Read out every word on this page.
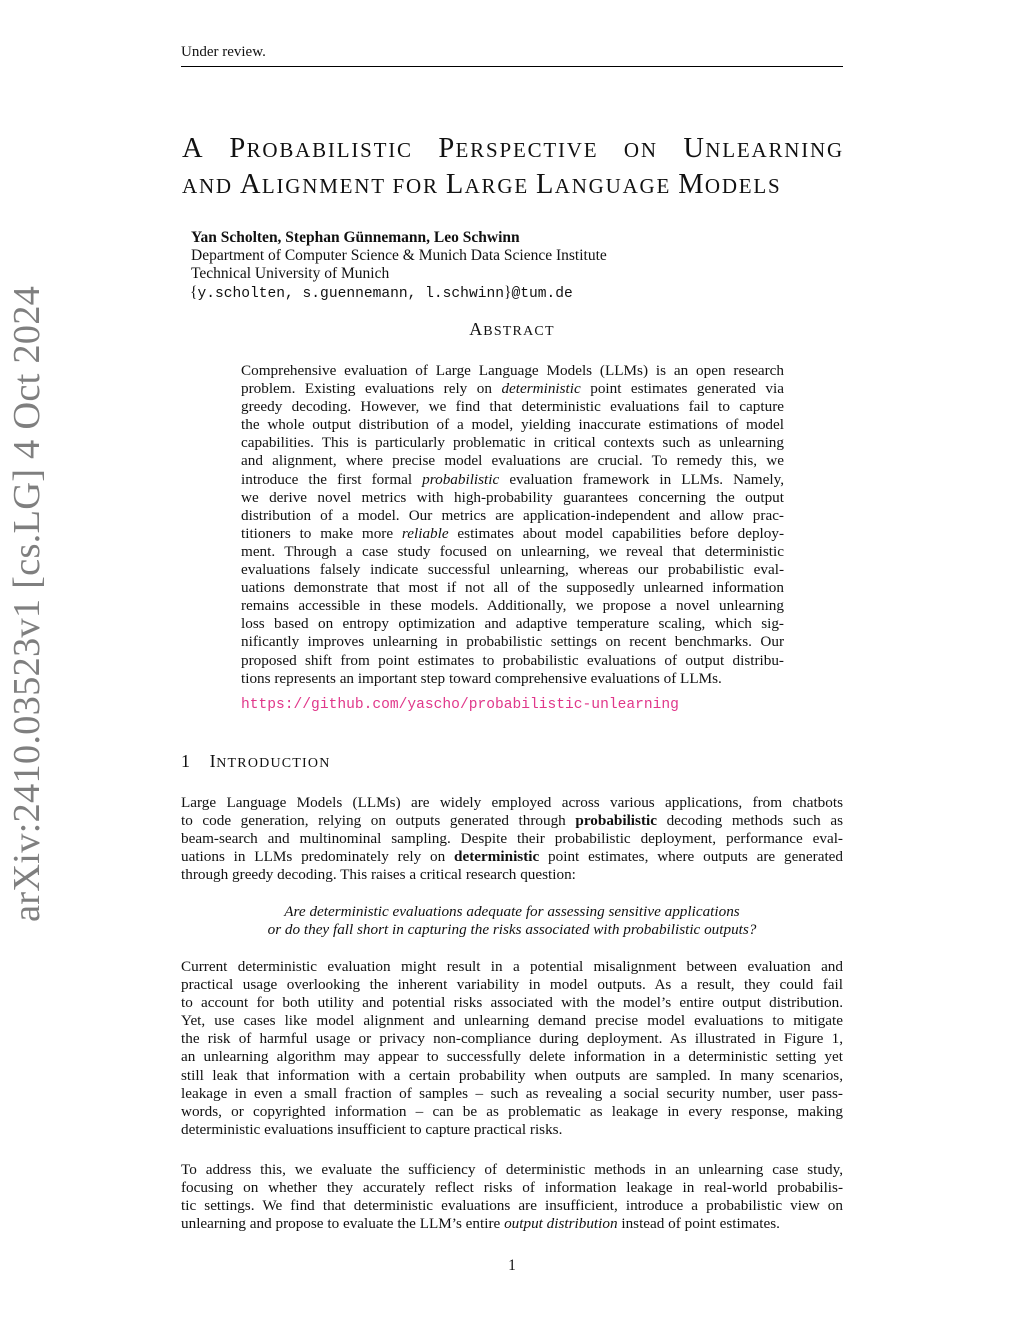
Under review.
arXiv:2410.03523v1 [cs.LG] 4 Oct 2024
A PROBABILISTIC PERSPECTIVE ON UNLEARNING
AND ALIGNMENT FOR LARGE LANGUAGE MODELS
Yan Scholten, Stephan Günnemann, Leo Schwinn
Department of Computer Science & Munich Data Science Institute
Technical University of Munich
{y.scholten, s.guennemann, l.schwinn}@tum.de
ABSTRACT
Comprehensive evaluation of Large Language Models (LLMs) is an open research
problem. Existing evaluations rely on deterministic point estimates generated via
greedy decoding. However, we find that deterministic evaluations fail to capture
the whole output distribution of a model, yielding inaccurate estimations of model
capabilities. This is particularly problematic in critical contexts such as unlearning
and alignment, where precise model evaluations are crucial. To remedy this, we
introduce the first formal probabilistic evaluation framework in LLMs. Namely,
we derive novel metrics with high-probability guarantees concerning the output
distribution of a model. Our metrics are application-independent and allow prac-
titioners to make more reliable estimates about model capabilities before deploy-
ment. Through a case study focused on unlearning, we reveal that deterministic
evaluations falsely indicate successful unlearning, whereas our probabilistic eval-
uations demonstrate that most if not all of the supposedly unlearned information
remains accessible in these models. Additionally, we propose a novel unlearning
loss based on entropy optimization and adaptive temperature scaling, which sig-
nificantly improves unlearning in probabilistic settings on recent benchmarks. Our
proposed shift from point estimates to probabilistic evaluations of output distribu-
tions represents an important step toward comprehensive evaluations of LLMs.
https://github.com/yascho/probabilistic-unlearning
1 INTRODUCTION
Large Language Models (LLMs) are widely employed across various applications, from chatbots
to code generation, relying on outputs generated through probabilistic decoding methods such as
beam-search and multinominal sampling. Despite their probabilistic deployment, performance eval-
uations in LLMs predominately rely on deterministic point estimates, where outputs are generated
through greedy decoding. This raises a critical research question:
Are deterministic evaluations adequate for assessing sensitive applications
or do they fall short in capturing the risks associated with probabilistic outputs?
Current deterministic evaluation might result in a potential misalignment between evaluation and
practical usage overlooking the inherent variability in model outputs. As a result, they could fail
to account for both utility and potential risks associated with the model’s entire output distribution.
Yet, use cases like model alignment and unlearning demand precise model evaluations to mitigate
the risk of harmful usage or privacy non-compliance during deployment. As illustrated in Figure 1,
an unlearning algorithm may appear to successfully delete information in a deterministic setting yet
still leak that information with a certain probability when outputs are sampled. In many scenarios,
leakage in even a small fraction of samples – such as revealing a social security number, user pass-
words, or copyrighted information – can be as problematic as leakage in every response, making
deterministic evaluations insufficient to capture practical risks.
To address this, we evaluate the sufficiency of deterministic methods in an unlearning case study,
focusing on whether they accurately reflect risks of information leakage in real-world probabilis-
tic settings. We find that deterministic evaluations are insufficient, introduce a probabilistic view on
unlearning and propose to evaluate the LLM’s entire output distribution instead of point estimates.
1
